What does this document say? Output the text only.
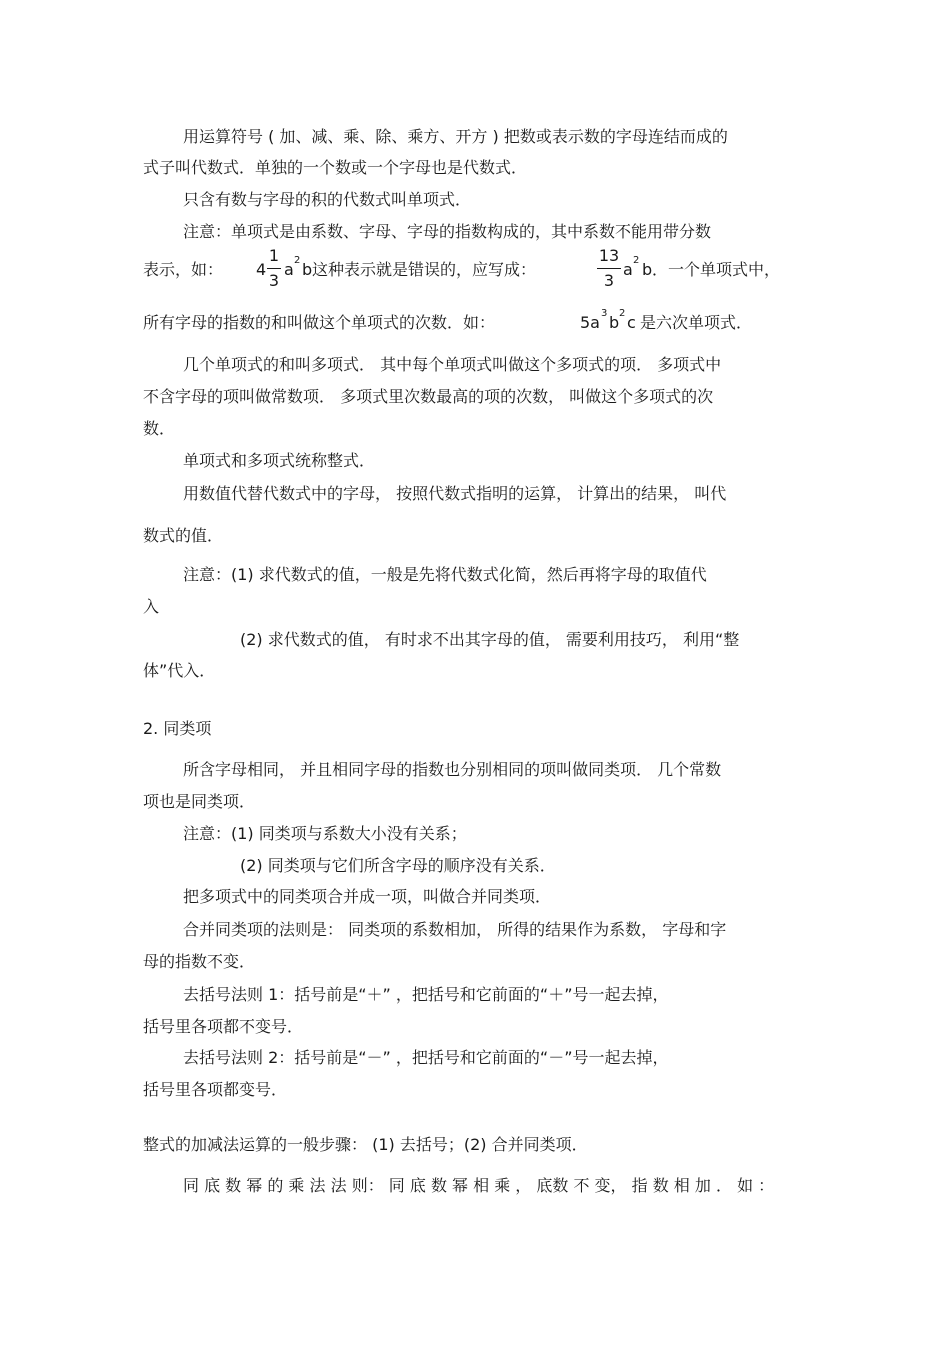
用运算符号 ( 加、减、乘、除、乘方、开方 ) 把数或表示数的字母连结而成的
式子叫代数式．单独的一个数或一个字母也是代数式．
只含有数与字母的积的代数式叫单项式．
注意：单项式是由系数、字母、字母的指数构成的，其中系数不能用带分数
表示，如： 4
1
3
a 2 b 这种表示就是错误的，应写成：
13
3
a 2 b ．一个单项式中，
所有字母的指数的和叫做这个单项式的次数．如：	5a 3 b 2 c 是六次单项式．
几个单项式的和叫多项式． 其中每个单项式叫做这个多项式的项． 多项式中
不含字母的项叫做常数项． 多项式里次数最高的项的次数， 叫做这个多项式的次
数．
单项式和多项式统称整式．
用数值代替代数式中的字母， 按照代数式指明的运算， 计算出的结果， 叫代
数式的值．
注意：(1) 求代数式的值，一般是先将代数式化简，然后再将字母的取值代
入
(2) 求代数式的值， 有时求不出其字母的值， 需要利用技巧， 利用“整
体”代入．
2. 同类项
所含字母相同， 并且相同字母的指数也分别相同的项叫做同类项． 几个常数
项也是同类项．
注意：(1) 同类项与系数大小没有关系；
(2) 同类项与它们所含字母的顺序没有关系．
把多项式中的同类项合并成一项，叫做合并同类项．
合并同类项的法则是： 同类项的系数相加， 所得的结果作为系数， 字母和字
母的指数不变．
去括号法则 1：括号前是“＋” ，把括号和它前面的“＋”号一起去掉，
括号里各项都不变号．
去括号法则 2：括号前是“－” ，把括号和它前面的“－”号一起去掉，
括号里各项都变号．
整式的加减法运算的一般步骤： (1) 去括号；(2) 合并同类项．
同 底 数 幂 的 乘 法 法 则： 同 底 数 幂 相 乘 ， 底数 不 变， 指 数 相 加 ． 如 ：
